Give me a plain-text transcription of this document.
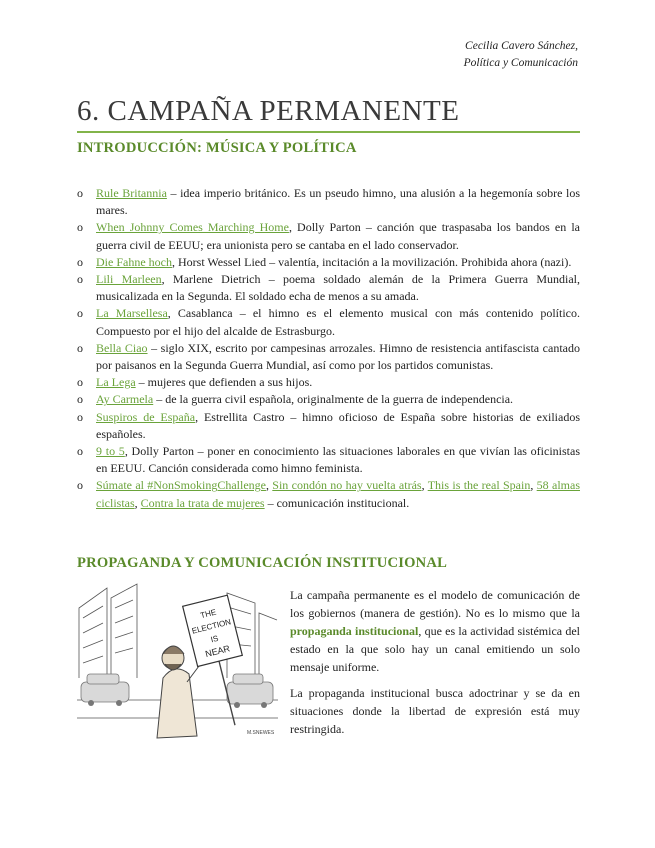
Cecilia Cavero Sánchez,
Política y Comunicación
6. CAMPAÑA PERMANENTE
INTRODUCCIÓN: MÚSICA Y POLÍTICA
o Rule Britannia – idea imperio británico. Es un pseudo himno, una alusión a la hegemonía sobre los mares.
o When Johnny Comes Marching Home, Dolly Parton – canción que traspasaba los bandos en la guerra civil de EEUU; era unionista pero se cantaba en el lado conservador.
o Die Fahne hoch, Horst Wessel Lied – valentía, incitación a la movilización. Prohibida ahora (nazi).
o Lili Marleen, Marlene Dietrich – poema soldado alemán de la Primera Guerra Mundial, musicalizada en la Segunda. El soldado echa de menos a su amada.
o La Marsellesa, Casablanca – el himno es el elemento musical con más contenido político. Compuesto por el hijo del alcalde de Estrasburgo.
o Bella Ciao – siglo XIX, escrito por campesinas arrozales. Himno de resistencia antifascista cantado por paisanos en la Segunda Guerra Mundial, así como por los partidos comunistas.
o La Lega – mujeres que defienden a sus hijos.
o Ay Carmela – de la guerra civil española, originalmente de la guerra de independencia.
o Suspiros de España, Estrellita Castro – himno oficioso de España sobre historias de exiliados españoles.
o 9 to 5, Dolly Parton – poner en conocimiento las situaciones laborales en que vivían las oficinistas en EEUU. Canción considerada como himno feminista.
o Súmate al #NonSmokingChallenge, Sin condón no hay vuelta atrás, This is the real Spain, 58 almas ciclistas, Contra la trata de mujeres – comunicación institucional.
PROPAGANDA Y COMUNICACIÓN INSTITUCIONAL
THE
ELECTION
IS
NEAR
M.SNEWES

La campaña permanente es el modelo de comunicación de los gobiernos (manera de gestión). No es lo mismo que la propaganda institucional, que es la actividad sistémica del estado en la que solo hay un canal emitiendo un solo mensaje uniforme.

La propaganda institucional busca adoctrinar y se da en situaciones donde la libertad de expresión está muy restringida.
